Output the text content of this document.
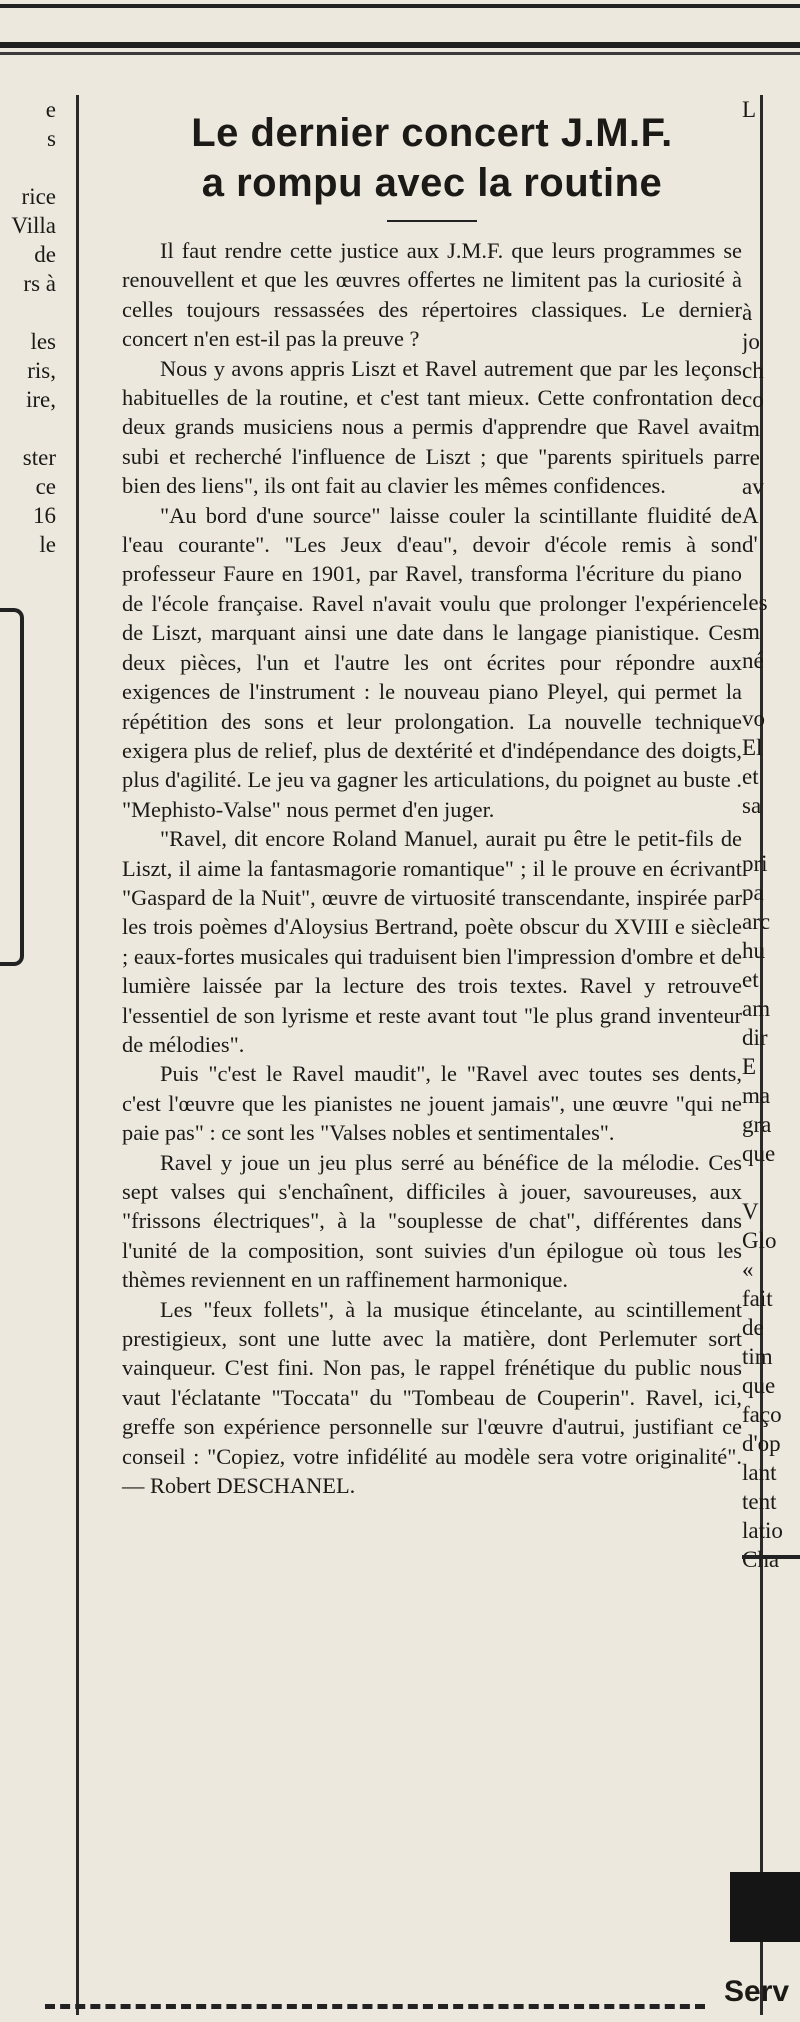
e
s
rice
Villa
de
rs à
les
ris,
ire,
ster
ce
16
le
L
à
jo
ch
co
m
re
av
A
d'
les
m
né
vo
El
et
sa
pri
pa
arc
hu
et
am
dir
E
ma
gra
que
V
Glo
«
fait
de
tim
que
faço
d'op
lant
tent
latio
Cha
Serv
Le dernier concert J.M.F.
a rompu avec la routine

Il faut rendre cette justice aux J.M.F. que leurs programmes se renouvellent et que les œuvres offertes ne limitent pas la curiosité à celles toujours ressassées des répertoires classiques. Le dernier concert n'en est-il pas la preuve ?

Nous y avons appris Liszt et Ravel autrement que par les leçons habituelles de la routine, et c'est tant mieux. Cette confrontation de deux grands musiciens nous a permis d'apprendre que Ravel avait subi et recherché l'influence de Liszt ; que "parents spirituels par bien des liens", ils ont fait au clavier les mêmes confidences.

"Au bord d'une source" laisse couler la scintillante fluidité de l'eau courante". "Les Jeux d'eau", devoir d'école remis à son professeur Faure en 1901, par Ravel, transforma l'écriture du piano de l'école française. Ravel n'avait voulu que prolonger l'expérience de Liszt, marquant ainsi une date dans le langage pianistique. Ces deux pièces, l'un et l'autre les ont écrites pour répondre aux exigences de l'instrument : le nouveau piano Pleyel, qui permet la répétition des sons et leur prolongation. La nouvelle technique exigera plus de relief, plus de dextérité et d'indépendance des doigts, plus d'agilité. Le jeu va gagner les articulations, du poignet au buste . "Mephisto-Valse" nous permet d'en juger.

"Ravel, dit encore Roland Manuel, aurait pu être le petit-fils de Liszt, il aime la fantasmagorie romantique" ; il le prouve en écrivant "Gaspard de la Nuit", œuvre de virtuosité transcendante, inspirée par les trois poèmes d'Aloysius Bertrand, poète obscur du XVIII e siècle ; eaux-fortes musicales qui traduisent bien l'impression d'ombre et de lumière laissée par la lecture des trois textes. Ravel y retrouve l'essentiel de son lyrisme et reste avant tout "le plus grand inventeur de mélodies".

Puis "c'est le Ravel maudit", le "Ravel avec toutes ses dents, c'est l'œuvre que les pianistes ne jouent jamais", une œuvre "qui ne paie pas" : ce sont les "Valses nobles et sentimentales".

Ravel y joue un jeu plus serré au bénéfice de la mélodie. Ces sept valses qui s'enchaînent, difficiles à jouer, savoureuses, aux "frissons électriques", à la "souplesse de chat", différentes dans l'unité de la composition, sont suivies d'un épilogue où tous les thèmes reviennent en un raffinement harmonique.

Les "feux follets", à la musique étincelante, au scintillement prestigieux, sont une lutte avec la matière, dont Perlemuter sort vainqueur. C'est fini. Non pas, le rappel frénétique du public nous vaut l'éclatante "Toccata" du "Tombeau de Couperin". Ravel, ici, greffe son expérience personnelle sur l'œuvre d'autrui, justifiant ce conseil : "Copiez, votre infidélité au modèle sera votre originalité". — Robert DESCHANEL.
